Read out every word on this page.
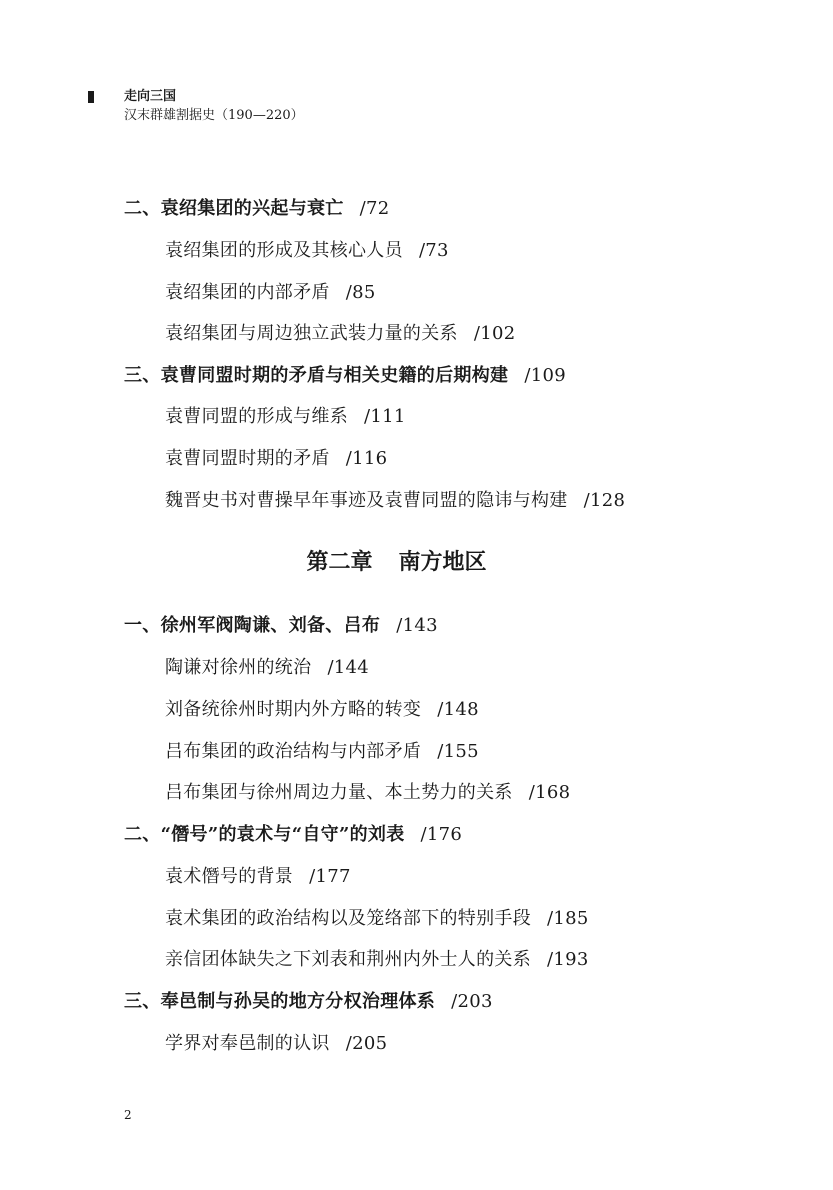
走向三国
汉末群雄割据史（190—220）
二、袁绍集团的兴起与衰亡 /72
袁绍集团的形成及其核心人员 /73
袁绍集团的内部矛盾 /85
袁绍集团与周边独立武装力量的关系 /102
三、袁曹同盟时期的矛盾与相关史籍的后期构建 /109
袁曹同盟的形成与维系 /111
袁曹同盟时期的矛盾 /116
魏晋史书对曹操早年事迹及袁曹同盟的隐讳与构建 /128
第二章 南方地区
一、徐州军阀陶谦、刘备、吕布 /143
陶谦对徐州的统治 /144
刘备统徐州时期内外方略的转变 /148
吕布集团的政治结构与内部矛盾 /155
吕布集团与徐州周边力量、本土势力的关系 /168
二、“僭号”的袁术与“自守”的刘表 /176
袁术僭号的背景 /177
袁术集团的政治结构以及笼络部下的特别手段 /185
亲信团体缺失之下刘表和荆州内外士人的关系 /193
三、奉邑制与孙吴的地方分权治理体系 /203
学界对奉邑制的认识 /205
2
